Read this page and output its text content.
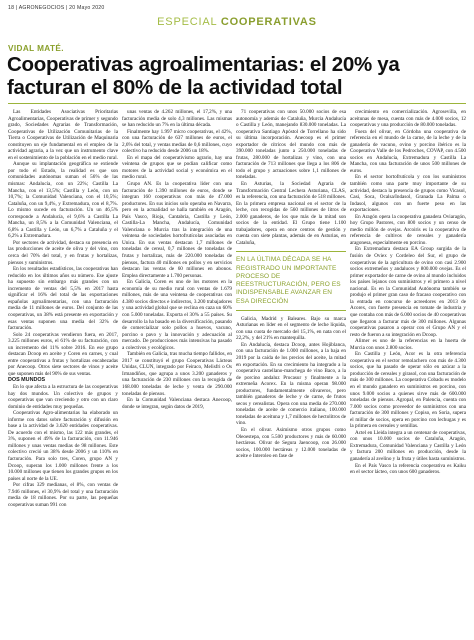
18 | AGRONEGOCIOS | 20 Mayo 2020
ESPECIAL COOPERATIVAS
VIDAL MATÉ.
Cooperativas agroalimentarias: el 20% ya facturan el 80% de la actividad total

Las Entidades Asociativas Prioritarias Agroalimentarias, Cooperativas de primer y segundo grado, Sociedades Agrarias de Transformación, Cooperativas de Utilización Comunitarias de la Tierra o Cooperativas de Utilización de Maquinaria constituyen un eje fundamental en el empleo de la actividad agraria, a la vez que un instrumento clave en el sostenimiento de la población en el medio rural.

Aunque su implantación geográfica se extiende por todo el Estado, la realidad es que son comunidades autónomas suman el 56% de las mismas: Andalucía, con un 22%; Castilla La Mancha, con el 13,5%; Castilla y León, con un 10,7%; la Comunidad Valenciana, con el 10,5%; Cataluña, con un 9,4%, y Extremadura, con el 8,7%. Lo mismo sucede en facturación. Un un 46,5% corresponde a Andalucía, el 9,6% a Castilla La Mancha, un 8,5% a la Comunidad Valenciana, el 6,8% a Castilla y León, un 6,7% a Cataluña y el 6,2% a Extremadura.

Por sectores de actividad, destaca su presencia en las producciones de aceite de oliva y del vino, con cerca del 70% del total, y en frutas y hortalizas, piensos y suministros.

En los resultados estadísticos, las cooperativas han reducido en los últimos años su número. Ese ajuste ha supuesto sin embargo más grandes con un incremento de ventas del 5,5% en 2017 hasta significar el 16% del total de las exportaciones españolas agroalimentarias, con una facturación media de 11 millones de euros. Del conjunto de las cooperativas, un 38% está presente en exportación y esas ventas suponen una media del 32% de facturación.

Solo 24 cooperativas vendieron fuera, en 2017, 3.225 millones euros, el 61% de su facturación, con un incremento del 11% sobre 2016. En ese grupo destacan Dcoop en aceite y Coren en carnes, y cual entre cooperativas a frutas y hortalizas encabezadas por Anecoop. Otros siete sectores de vinos y aceite que suponen más del 90% de sus ventas.

DOS MUNDOS

En lo que afecta a la estructura de las cooperativas hay dos mundos. Un colectivo de grupos y cooperativas que van creciendo y otro con un claro dominio de entidades muy pequeñas.

Cooperativas Agro-alimentarias ha elaborado un informe con datos sobre facturación y difusión en base a la actividad de 3.620 entidades cooperativas. De acuerdo con el mismo, las 122 más grandes, el 3%, suponen el 49% de la facturación, con 11.946 millones y unas ventas medias de 98 millones. Este colectivo creció un 38% desde 2006 y un 110% en facturación. Para solo tres, Coren, grupo AN y Dcoop, superan los 1.000 millones frente a los 10.000 millones que tienen los grandes grupos en los países al norte de la UE.

Por cifras 329 medianas, el 8%, con ventas de 7.946 millones, el 30,9% del total y una facturación media de 18 millones. Por su parte, las pequeñas cooperativas suman 991 con

unas ventas de 4.262 millones, el 17,2%, y una facturación media de solo 4,3 millones. Las mismas se han reducido un 7% en la última década.

Finalmente hay 1.997 micro cooperativas, el 42%, con una facturación de 637 millones de euros, el 2,6% del total, y ventas medias de 0,6 millones, cuyo colectivo ha reducido desde 2006 un 18%.

En el mapa del cooperativismo agrario, hay una veintena de grupos que se podían calificar como motores de la actividad social y económica en el medio rural.

Grupo AN. Es la cooperativa líder con una facturación de 1.390 millones de euros, donde se integran 160 cooperativas con más de 47.000 productores. En sus inicios solo operaba en Navarra, pero en la actualidad se halla también en Aragón, País Vasco, Rioja, Cantabria, Castilla y León, Castilla-La Mancha, Andalucía, Comunidad Valenciana o Murcia tras la integración de una veintena de sociedades hortofrutícolas asociadas en Unica. En sus ventas destacan 1,7 millones de toneladas de cereal, 0,7 millones de toneladas de frutas y hortalizas, más de 220.000 toneladas de piensos, factura 40 millones en pollos y en servicios destacan las ventas de 60 millones en abonos. Emplea directamente a 1.700 personas.

En Galicia, Coren es uno de los motores en la economía de su medio rural con ventas de 1.679 millones, más de una veintena de cooperativas con 4.380 socios directos e indirectos, 3.200 trabajadores y una actividad global que se reclina en caza un 60% con 5.000 toneladas. Exporta el 30% a 55 países. Su desarrollo la ha basado en la diversificación, pasando de comercializar solo pollos a huevos, vacuno, porcino o pavo y la innovación y adecuación al mercado. De producciones más intensivas ha pasado a colectivos y ecológicos.

También en Galicia, tras mucha tiempo fallidos, en 2017 se constituyó el grupo Cooperativas Lácteas Unidas, CLUN, integrado por Feiraco, Melisfri o Os Irmandiños, que agrupa a unos 3.200 ganaderos y una facturación de 230 millones con la recogida de 168.000 toneladas de leche y venta de 290.000 toneladas de piensos.

En la Comunidad Valenciana destaca Anecoop, donde se integran, según datos de 2019,

71 cooperativas con unos 50.000 socios de esa autonomía y además de Cataluña, Murcia Andalucía o Castilla y León, manejando 830.000 toneladas. La cooperativa Santiago Apóstol de Torrellano ha sido su última incorporación. Anecoop es el primer exportador de cítricos del mundo con más de 390.000 toneladas junto a 250.000 toneladas de frutas, 280.000 de hortalizas y vino, con una facturación de 713 millones que llega a los 806 de todo el grupo y actuaciones sobre 1,1 millones de toneladas.

En Asturias, la Sociedad Agraria de Transformación Central Lechera Asturiana, CLAS, es la referencia, con una facturación de 518 millones. En la primera empresa nacional en el sector de la leche, con recogidas de 560 millones de litros de 2.000 ganaderos, de los que más de la mitad son socios de la entidad. El Grupo tiene 1.100 trabajadores, opera en once centros de gestión y cuenta con siete plantas, además de en Asturias, en Cataluña,

EN LA ÚLTIMA DÉCADA SE HA REGISTRADO UN IMPORTANTE PROCESO DE REESTRUCTURACIÓN, PERO ES INDISPENSABLE AVANZAR EN ESA DIRECCIÓN

Galicia, Madrid y Baleares. Bajo su marca Asturianas en líder en el segmento de leche líquida, con una cuota de mercado del 15,1%, en nata con el 22,2%, y del 21% en mantequilla.

En Andalucía, destaca Dcoop, antes Hojiblanca, con una facturación de 1.000 millones, a la baja en 2019 por la caída de los precios del aceite, la mitad en exportación. En su crecimiento ha integrado a la cooperativa castellano-manchega de vino Baco, a la de porcino andaluz Procasur y finalmente a la extremeña Acorex. En la misma operan 98.000 productores, fundamentalmente olivareros, pero también ganaderos de leche y de carne, de frutos secos y cerealistas. Opera con una media de 270.000 toneladas de aceite de comercio italiano, 100.000 toneladas de aceituna y 1,7 millones de hectolitros de vino.

En el olivar. Asimismo otros grupos como Oleoestepa, con 5.500 productores y más de 60.000 hectáreas. Olivar de Segura Jaencoop, con 26.000 socios, 100.000 hectáreas y 12.000 toneladas de aceite e Interoleo en fase de

crecimiento en comercialización. Agrosevilla, en aceitunas de mesa, cuenta con más de 4.000 socios, 12 cooperativas y una producción de 80.000 toneladas.

Fuera del olivar, en Córdoba una cooperativa de referencia en el mundo de la carne, de la leche y de la ganadería de vacuno, ovino y porcino ibérico es la Cooperativa Valle de los Pedroches, COVAP, con 4.500 socios en Andalucía, Extremadura y Castilla La Mancha, con una facturación de unos 500 millones de euros.

En el sector hortofrutícola y con los suministros también como una parte muy importante de su actividad, destaca la presencia de grupos como Vicasol, Casi, Soca, Ocalsa/Indasol, Granada La Palma o Indasol, algunos con un fuerte peso en las exportaciones.

En Aragón opera la cooperativa ganadera Oviaragón, hoy Grupo Pastores, con 800 socios y un censo de medio millón de ovejas. Arcoiris es la cooperativa de referencia de cultivos de cereales y ganadería aragonesa, especialmente en porcino.

En Extremadura destaca EA Group surgida de la fusión de Oviex y Cordeleo del Sur, el grupo de cooperativas de la agricultura de ovino con casi 2.900 socios extremeños y andaluces y 800.000 ovejas. Es el primer exportador de carne de ovino al mundo incluidos los países lejanos con suministros y el primero a nivel nacional. Es en la Comunidad Autónoma también se produjo el primer gran caso de fracaso cooperativo con la entrada en concurso de acreedores en 2013 de Acorex, con fuerte presencia en tomate de industria y que contaba con más de 6.000 socios de 40 cooperativas que llegaron a facturar más de 300 millones. Algunas cooperativas pasaron a operar con el Grupo AN y el resto de fueron a su integración en Dcoop.

Alimer es uno de la referencias en la huerta de Murcia con unos 2.800 socios.

En Castilla y León, Acor es la otra referencia cooperativa en el sector remolachero con más de 4.300 socios, que ha pasado de operar sólo en azúcar a la producción de cereales y girasol, con una facturación de más de 300 millones. La cooperativa Cobadu es modelo en el mundo ganadero en suministros en porcino, con unos 9.000 socios a quienes sirve más de 600.000 toneladas de piensos. Agropal, en Palencia, cuenta con 7.000 socios como proveedor de suministros con una facturación de 300 millones y Copiso, en Soria, supera el millar de socios, opera en porcino con lechugas y es la primera en cereales y semillas.

Actel en Lleida integra a un centenar de cooperativas, con unos 10.000 socios de Cataluña, Aragón, Extremadura, Comunidad Valenciana y Castilla y León y factura 200 millones en producción, desde la ganadería al avelino y la fruta y útiles hasta suministros.

En el País Vasco la referencia cooperativa es Kaiku en el sector lácteo, con unos 600 ganaderos.
